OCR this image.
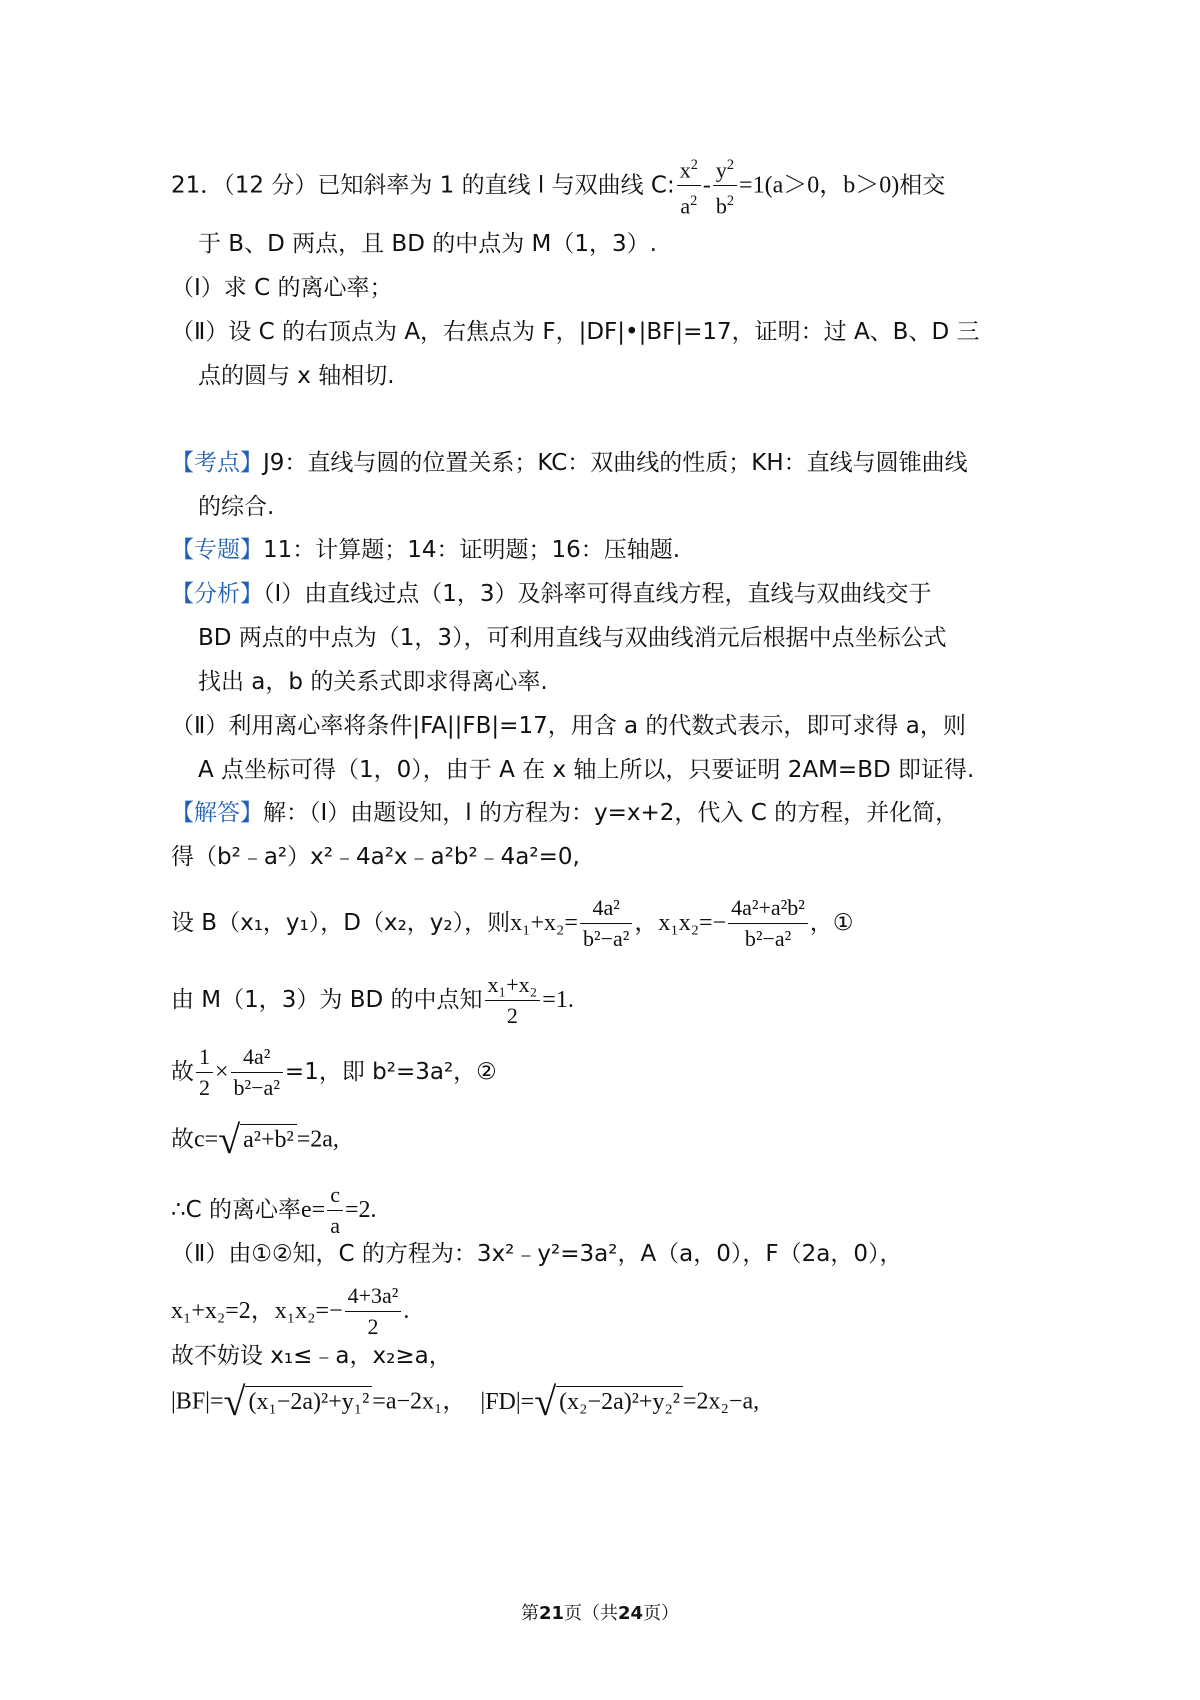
21．（12 分）已知斜率为 1 的直线 l 与双曲线 C: $\frac{x^2}{a^2} - \frac{y^2}{b^2} =1(a>0$，b＞0)相交
于 B、D 两点，且 BD 的中点为 M（1，3）.
（Ⅰ）求 C 的离心率；
（Ⅱ）设 C 的右顶点为 A，右焦点为 F，|DF|•|BF|=17，证明：过 A、B、D 三
点的圆与 x 轴相切.
【考点】J9：直线与圆的位置关系；KC：双曲线的性质；KH：直线与圆锥曲线
的综合.
【专题】11：计算题；14：证明题；16：压轴题.
【分析】（Ⅰ）由直线过点（1，3）及斜率可得直线方程，直线与双曲线交于
BD 两点的中点为（1，3），可利用直线与双曲线消元后根据中点坐标公式
找出 a，b 的关系式即求得离心率.
（Ⅱ）利用离心率将条件|FA||FB|=17，用含 a 的代数式表示，即可求得 a，则
A 点坐标可得（1，0），由于 A 在 x 轴上所以，只要证明 2AM=BD 即证得.
【解答】解：（Ⅰ）由题设知，l 的方程为：y=x+2，代入 C 的方程，并化简，
得（b²﹣a²）x²﹣4a²x﹣a²b²﹣4a²=0,
设 B（x₁，y₁），D（x₂，y₂），则$x_1+x_2= \frac{\text{4a²}}{\text{b²−a²}}$ ，$x_1x_2=- \frac{\text{4a²+a²b²}}{\text{b²−a²}}$ ，①
由 M（1，3）为 BD 的中点知 $\frac{\text{x₁+x₂}}{2} =1$.
故 $\frac{1}{2} \times \frac{\text{4a²}}{\text{b²−a²}} =1$，即 b²=3a²，②
故c=√ a²+b² =2a,
∴C 的离心率$e= \frac{c}{a} =2$.
（Ⅱ）由①②知，C 的方程为：3x²﹣y²=3a²，A（a，0），F（2a，0），
x₁+x₂=2，$x_1x_2=- \frac{\text{4+3a²}}{2}$ .
故不妨设 x₁≤﹣a，x₂≥a，
|BF|=√ (x₁−2a)²+y₁² =a−2x₁， |FD|=√ (x₂−2a)²+y₂² =2x₂−a,
第21页（共24页）
